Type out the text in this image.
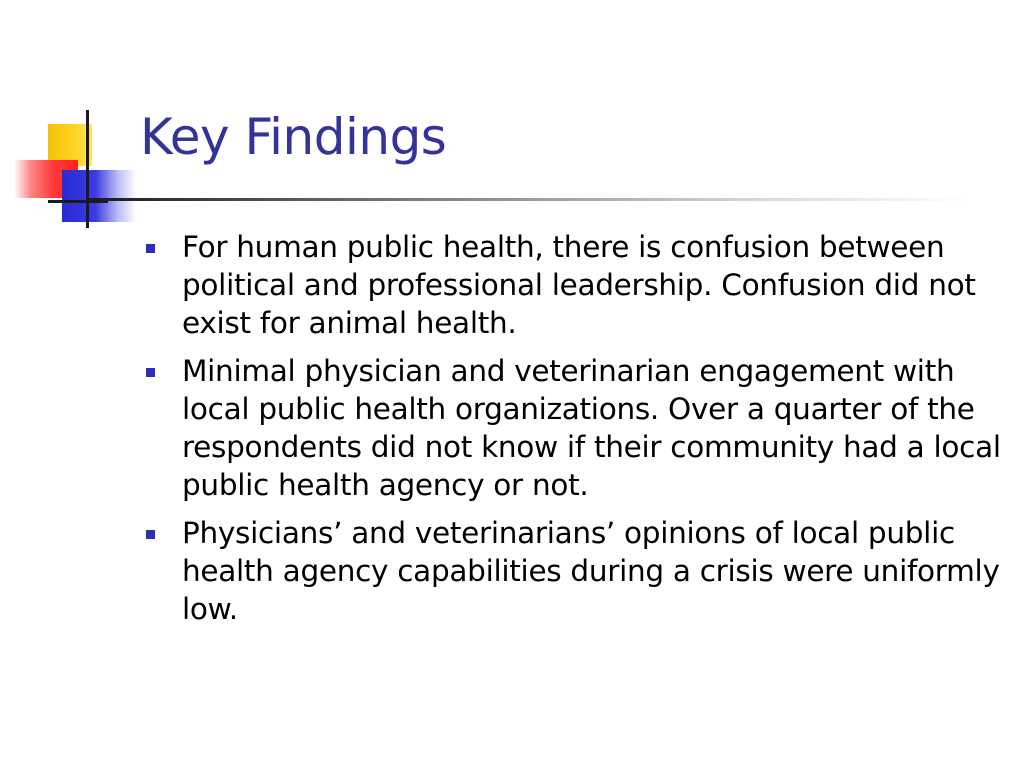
Key Findings
For human public health, there is confusion between political and professional leadership. Confusion did not exist for animal health.
Minimal physician and veterinarian engagement with local public health organizations. Over a quarter of the respondents did not know if their community had a local public health agency or not.
Physicians’ and veterinarians’ opinions of local public health agency capabilities during a crisis were uniformly low.
